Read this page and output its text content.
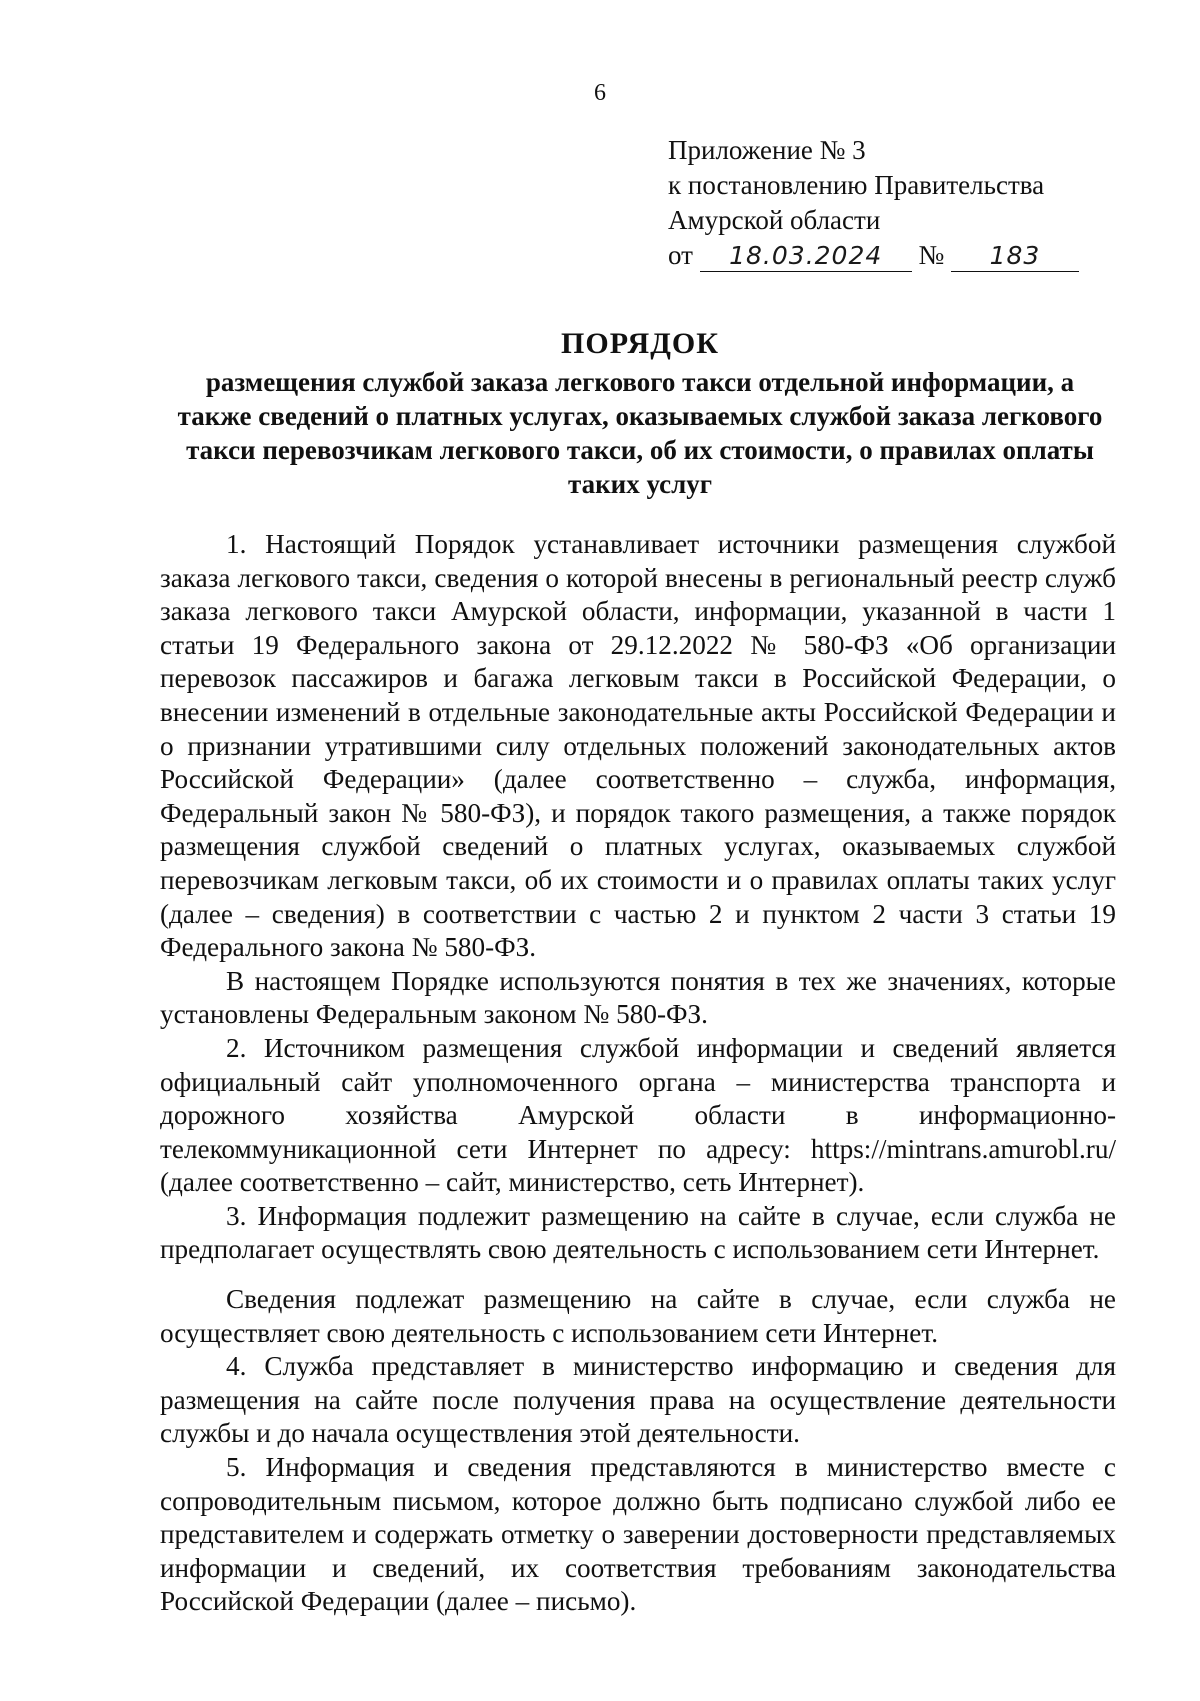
6
Приложение № 3
к постановлению Правительства
Амурской области
от 18.03.2024 № 183
ПОРЯДОК
размещения службой заказа легкового такси отдельной информации, а также сведений о платных услугах, оказываемых службой заказа легкового такси перевозчикам легкового такси, об их стоимости, о правилах оплаты таких услуг

1. Настоящий Порядок устанавливает источники размещения службой заказа легкового такси, сведения о которой внесены в региональный реестр служб заказа легкового такси Амурской области, информации, указанной в части 1 статьи 19 Федерального закона от 29.12.2022 № 580-ФЗ «Об организации перевозок пассажиров и багажа легковым такси в Российской Федерации, о внесении изменений в отдельные законодательные акты Российской Федерации и о признании утратившими силу отдельных положений законодательных актов Российской Федерации» (далее соответственно – служба, информация, Федеральный закон № 580-ФЗ), и порядок такого размещения, а также порядок размещения службой сведений о платных услугах, оказываемых службой перевозчикам легковым такси, об их стоимости и о правилах оплаты таких услуг (далее – сведения) в соответствии с частью 2 и пунктом 2 части 3 статьи 19 Федерального закона № 580-ФЗ.

В настоящем Порядке используются понятия в тех же значениях, которые установлены Федеральным законом № 580-ФЗ.

2. Источником размещения службой информации и сведений является официальный сайт уполномоченного органа – министерства транспорта и дорожного хозяйства Амурской области в информационно-телекоммуникационной сети Интернет по адресу: https://mintrans.amurobl.ru/ (далее соответственно – сайт, министерство, сеть Интернет).

3. Информация подлежит размещению на сайте в случае, если служба не предполагает осуществлять свою деятельность с использованием сети Интернет.

Сведения подлежат размещению на сайте в случае, если служба не осуществляет свою деятельность с использованием сети Интернет.

4. Служба представляет в министерство информацию и сведения для размещения на сайте после получения права на осуществление деятельности службы и до начала осуществления этой деятельности.

5. Информация и сведения представляются в министерство вместе с сопроводительным письмом, которое должно быть подписано службой либо ее представителем и содержать отметку о заверении достоверности представляемых информации и сведений, их соответствия требованиям законодательства Российской Федерации (далее – письмо).
